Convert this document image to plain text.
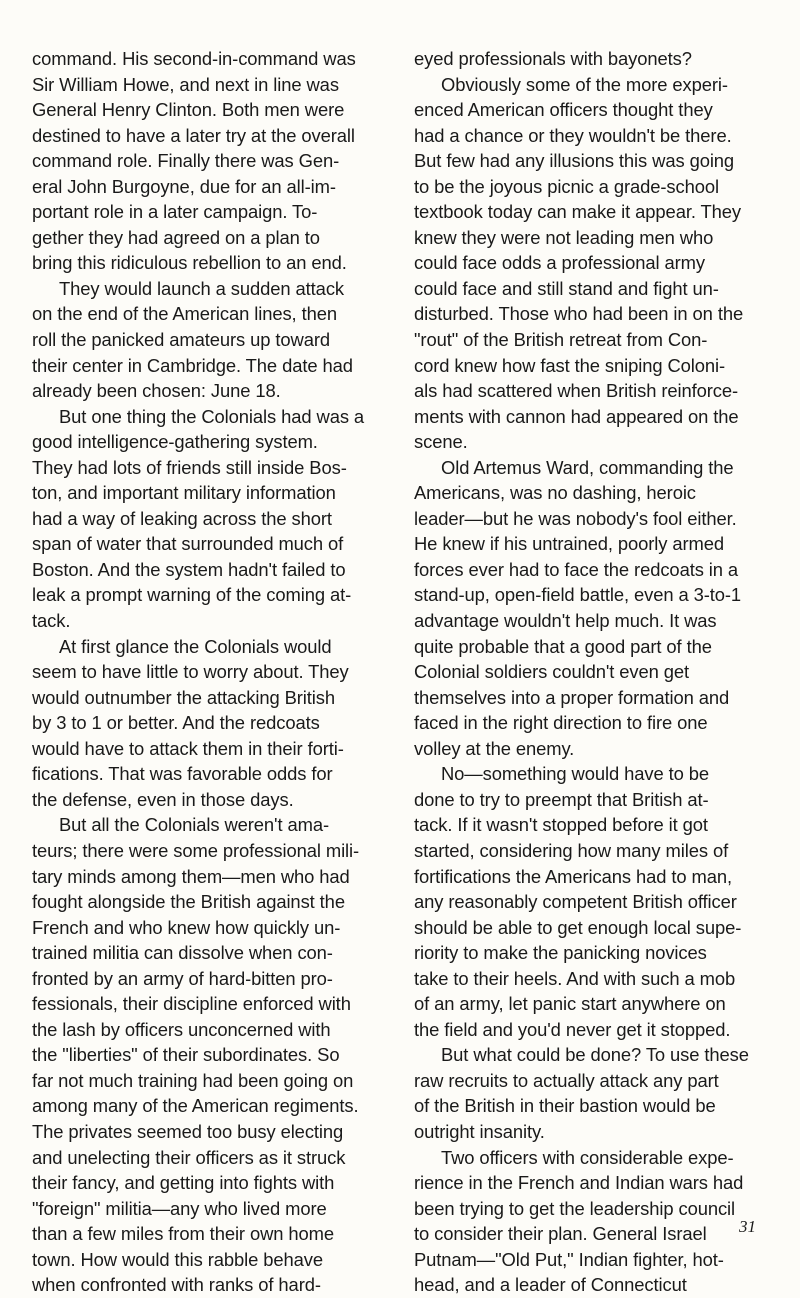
command. His second-in-command was
Sir William Howe, and next in line was
General Henry Clinton. Both men were
destined to have a later try at the overall
command role. Finally there was Gen-
eral John Burgoyne, due for an all-im-
portant role in a later campaign. To-
gether they had agreed on a plan to
bring this ridiculous rebellion to an end.

They would launch a sudden attack
on the end of the American lines, then
roll the panicked amateurs up toward
their center in Cambridge. The date had
already been chosen: June 18.

But one thing the Colonials had was a
good intelligence-gathering system.
They had lots of friends still inside Bos-
ton, and important military information
had a way of leaking across the short
span of water that surrounded much of
Boston. And the system hadn't failed to
leak a prompt warning of the coming at-
tack.

At first glance the Colonials would
seem to have little to worry about. They
would outnumber the attacking British
by 3 to 1 or better. And the redcoats
would have to attack them in their forti-
fications. That was favorable odds for
the defense, even in those days.

But all the Colonials weren't ama-
teurs; there were some professional mili-
tary minds among them—men who had
fought alongside the British against the
French and who knew how quickly un-
trained militia can dissolve when con-
fronted by an army of hard-bitten pro-
fessionals, their discipline enforced with
the lash by officers unconcerned with
the "liberties" of their subordinates. So
far not much training had been going on
among many of the American regiments.
The privates seemed too busy electing
and unelecting their officers as it struck
their fancy, and getting into fights with
"foreign" militia—any who lived more
than a few miles from their own home
town. How would this rabble behave
when confronted with ranks of hard-

eyed professionals with bayonets?

Obviously some of the more experi-
enced American officers thought they
had a chance or they wouldn't be there.
But few had any illusions this was going
to be the joyous picnic a grade-school
textbook today can make it appear. They
knew they were not leading men who
could face odds a professional army
could face and still stand and fight un-
disturbed. Those who had been in on the
"rout" of the British retreat from Con-
cord knew how fast the sniping Coloni-
als had scattered when British reinforce-
ments with cannon had appeared on the
scene.

Old Artemus Ward, commanding the
Americans, was no dashing, heroic
leader—but he was nobody's fool either.
He knew if his untrained, poorly armed
forces ever had to face the redcoats in a
stand-up, open-field battle, even a 3-to-1
advantage wouldn't help much. It was
quite probable that a good part of the
Colonial soldiers couldn't even get
themselves into a proper formation and
faced in the right direction to fire one
volley at the enemy.

No—something would have to be
done to try to preempt that British at-
tack. If it wasn't stopped before it got
started, considering how many miles of
fortifications the Americans had to man,
any reasonably competent British officer
should be able to get enough local supe-
riority to make the panicking novices
take to their heels. And with such a mob
of an army, let panic start anywhere on
the field and you'd never get it stopped.

But what could be done? To use these
raw recruits to actually attack any part
of the British in their bastion would be
outright insanity.

Two officers with considerable expe-
rience in the French and Indian wars had
been trying to get the leadership council
to consider their plan. General Israel
Putnam—"Old Put," Indian fighter, hot-
head, and a leader of Connecticut

31
